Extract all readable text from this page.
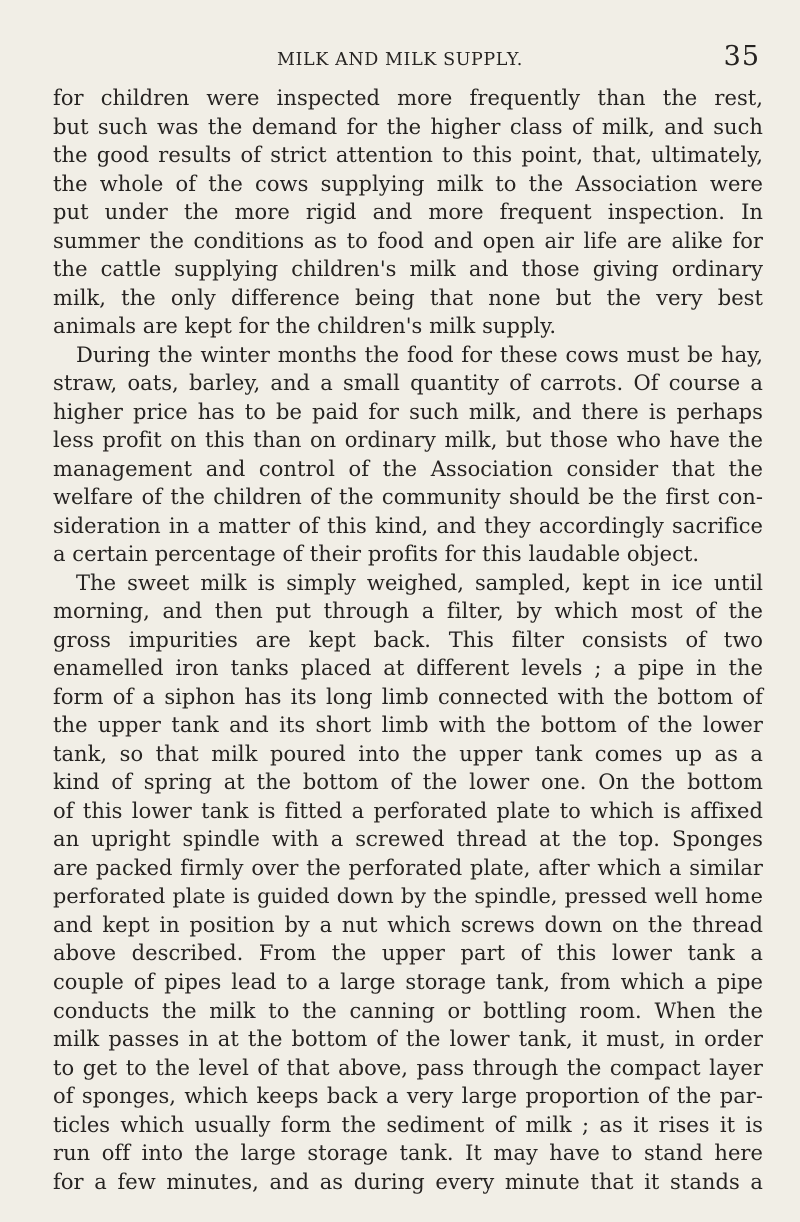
MILK AND MILK SUPPLY.	35
for children were inspected more frequently than the rest,
but such was the demand for the higher class of milk, and such
the good results of strict attention to this point, that, ultimately,
the whole of the cows supplying milk to the Association were
put under the more rigid and more frequent inspection. In
summer the conditions as to food and open air life are alike for
the cattle supplying children's milk and those giving ordinary
milk, the only difference being that none but the very best
animals are kept for the children's milk supply.
During the winter months the food for these cows must be hay,
straw, oats, barley, and a small quantity of carrots. Of course a
higher price has to be paid for such milk, and there is perhaps
less profit on this than on ordinary milk, but those who have the
management and control of the Association consider that the
welfare of the children of the community should be the first con-
sideration in a matter of this kind, and they accordingly sacrifice
a certain percentage of their profits for this laudable object.
The sweet milk is simply weighed, sampled, kept in ice until
morning, and then put through a filter, by which most of the
gross impurities are kept back. This filter consists of two
enamelled iron tanks placed at different levels ; a pipe in the
form of a siphon has its long limb connected with the bottom of
the upper tank and its short limb with the bottom of the lower
tank, so that milk poured into the upper tank comes up as a
kind of spring at the bottom of the lower one. On the bottom
of this lower tank is fitted a perforated plate to which is affixed
an upright spindle with a screwed thread at the top. Sponges
are packed firmly over the perforated plate, after which a similar
perforated plate is guided down by the spindle, pressed well home
and kept in position by a nut which screws down on the thread
above described. From the upper part of this lower tank a
couple of pipes lead to a large storage tank, from which a pipe
conducts the milk to the canning or bottling room. When the
milk passes in at the bottom of the lower tank, it must, in order
to get to the level of that above, pass through the compact layer
of sponges, which keeps back a very large proportion of the par-
ticles which usually form the sediment of milk ; as it rises it is
run off into the large storage tank. It may have to stand here
for a few minutes, and as during every minute that it stands a
